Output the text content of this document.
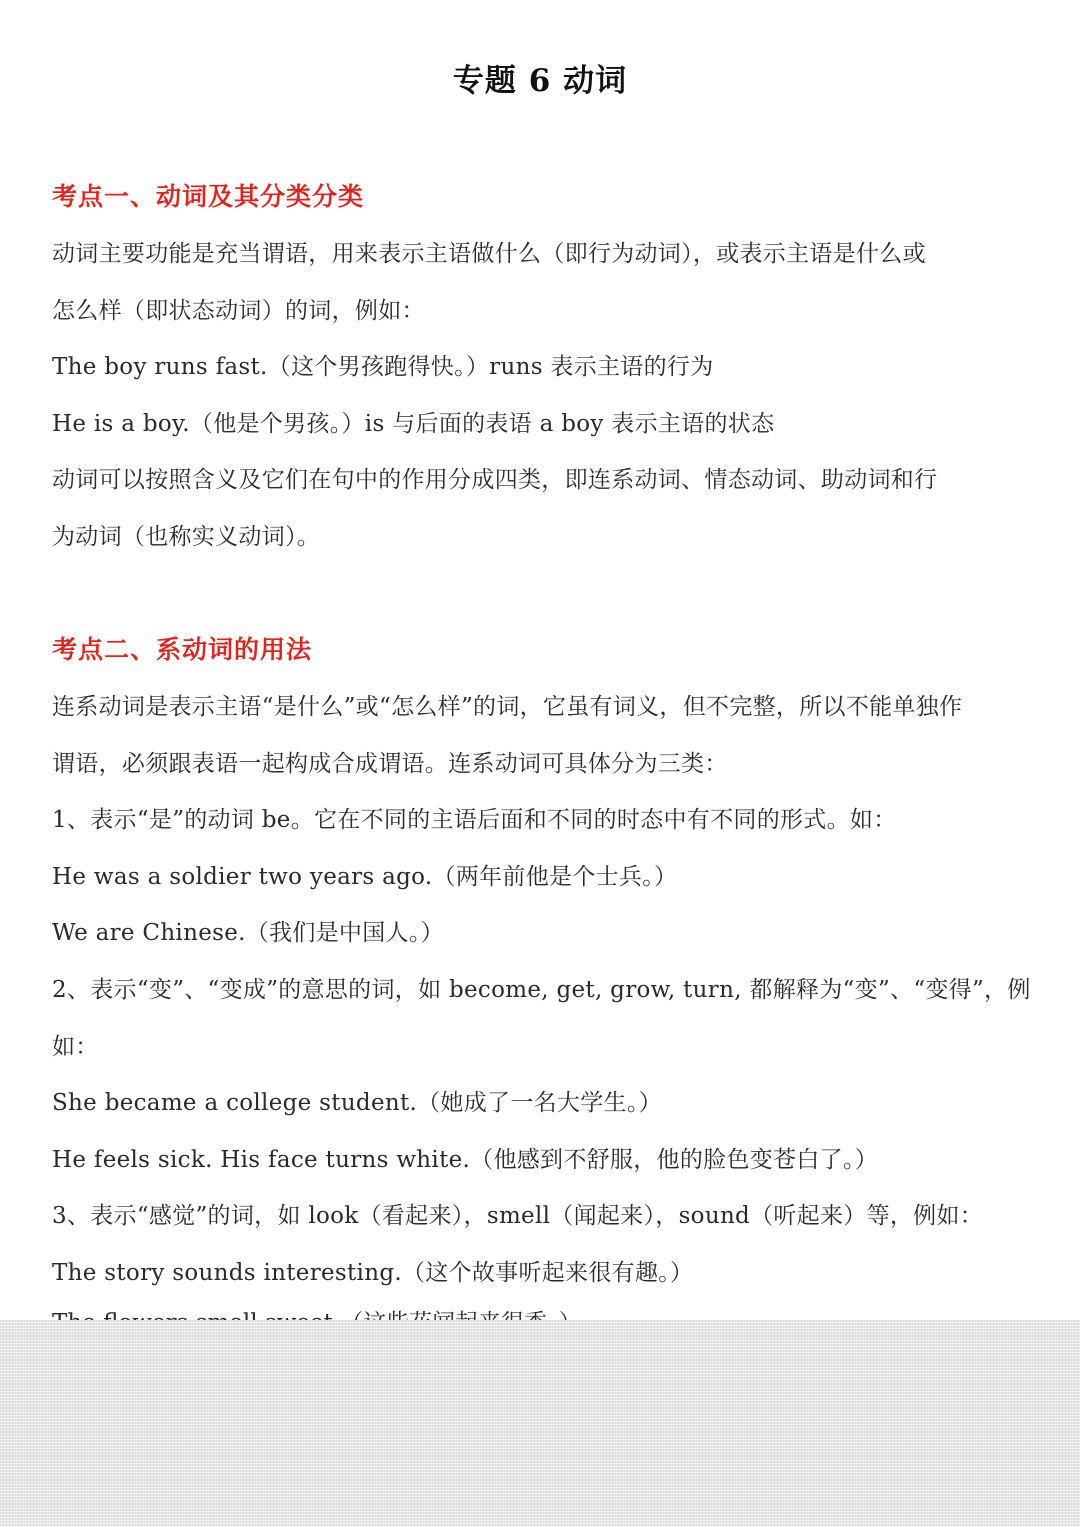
专题 6 动词
考点一、动词及其分类分类
动词主要功能是充当谓语，用来表示主语做什么（即行为动词），或表示主语是什么或
怎么样（即状态动词）的词，例如：
The boy runs fast.（这个男孩跑得快。）runs 表示主语的行为
He is a boy.（他是个男孩。）is 与后面的表语 a boy 表示主语的状态
动词可以按照含义及它们在句中的作用分成四类，即连系动词、情态动词、助动词和行
为动词（也称实义动词）。
考点二、系动词的用法
连系动词是表示主语“是什么”或“怎么样”的词，它虽有词义，但不完整，所以不能单独作
谓语，必须跟表语一起构成合成谓语。连系动词可具体分为三类：
1、表示“是”的动词 be。它在不同的主语后面和不同的时态中有不同的形式。如：
He was a soldier two years ago.（两年前他是个士兵。）
We are Chinese.（我们是中国人。）
2、表示“变”、“变成”的意思的词，如 become, get, grow, turn, 都解释为“变”、“变得”，例
如：
She became a college student.（她成了一名大学生。）
He feels sick. His face turns white.（他感到不舒服，他的脸色变苍白了。）
3、表示“感觉”的词，如 look（看起来），smell（闻起来），sound（听起来）等，例如：
The story sounds interesting.（这个故事听起来很有趣。）
